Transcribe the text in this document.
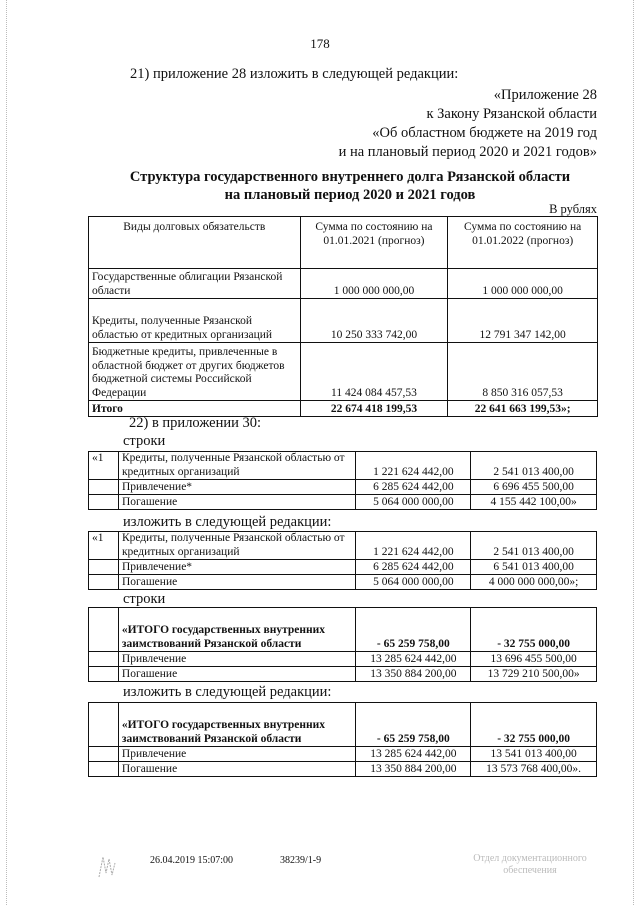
178
21) приложение 28 изложить в следующей редакции:
«Приложение 28
к Закону Рязанской области
«Об областном бюджете на 2019 год
и на плановый период 2020 и 2021 годов»
Структура государственного внутреннего долга Рязанской области
на плановый период 2020 и 2021 годов
В рублях
Виды долговых обязательств	Сумма по состоянию на 01.01.2021 (прогноз)	Сумма по состоянию на 01.01.2022 (прогноз)
Государственные облигации Рязанской области	1 000 000 000,00	1 000 000 000,00
Кредиты, полученные Рязанской областью от кредитных организаций	10 250 333 742,00	12 791 347 142,00
Бюджетные кредиты, привлеченные в областной бюджет от других бюджетов бюджетной системы Российской Федерации	11 424 084 457,53	8 850 316 057,53
Итого	22 674 418 199,53	22 641 663 199,53»;
22) в приложении 30:
строки
«1	Кредиты, полученные Рязанской областью от кредитных организаций	1 221 624 442,00	2 541 013 400,00
	Привлечение*	6 285 624 442,00	6 696 455 500,00
	Погашение	5 064 000 000,00	4 155 442 100,00»
изложить в следующей редакции:
«1	Кредиты, полученные Рязанской областью от кредитных организаций	1 221 624 442,00	2 541 013 400,00
	Привлечение*	6 285 624 442,00	6 541 013 400,00
	Погашение	5 064 000 000,00	4 000 000 000,00»;
строки
	«ИТОГО государственных внутренних заимствований Рязанской области	- 65 259 758,00	- 32 755 000,00
	Привлечение	13 285 624 442,00	13 696 455 500,00
	Погашение	13 350 884 200,00	13 729 210 500,00»
изложить в следующей редакции:
	«ИТОГО государственных внутренних заимствований Рязанской области	- 65 259 758,00	- 32 755 000,00
	Привлечение	13 285 624 442,00	13 541 013 400,00
	Погашение	13 350 884 200,00	13 573 768 400,00».
26.04.2019 15:07:00	38239/1-9	Отдел документационного обеспечения
